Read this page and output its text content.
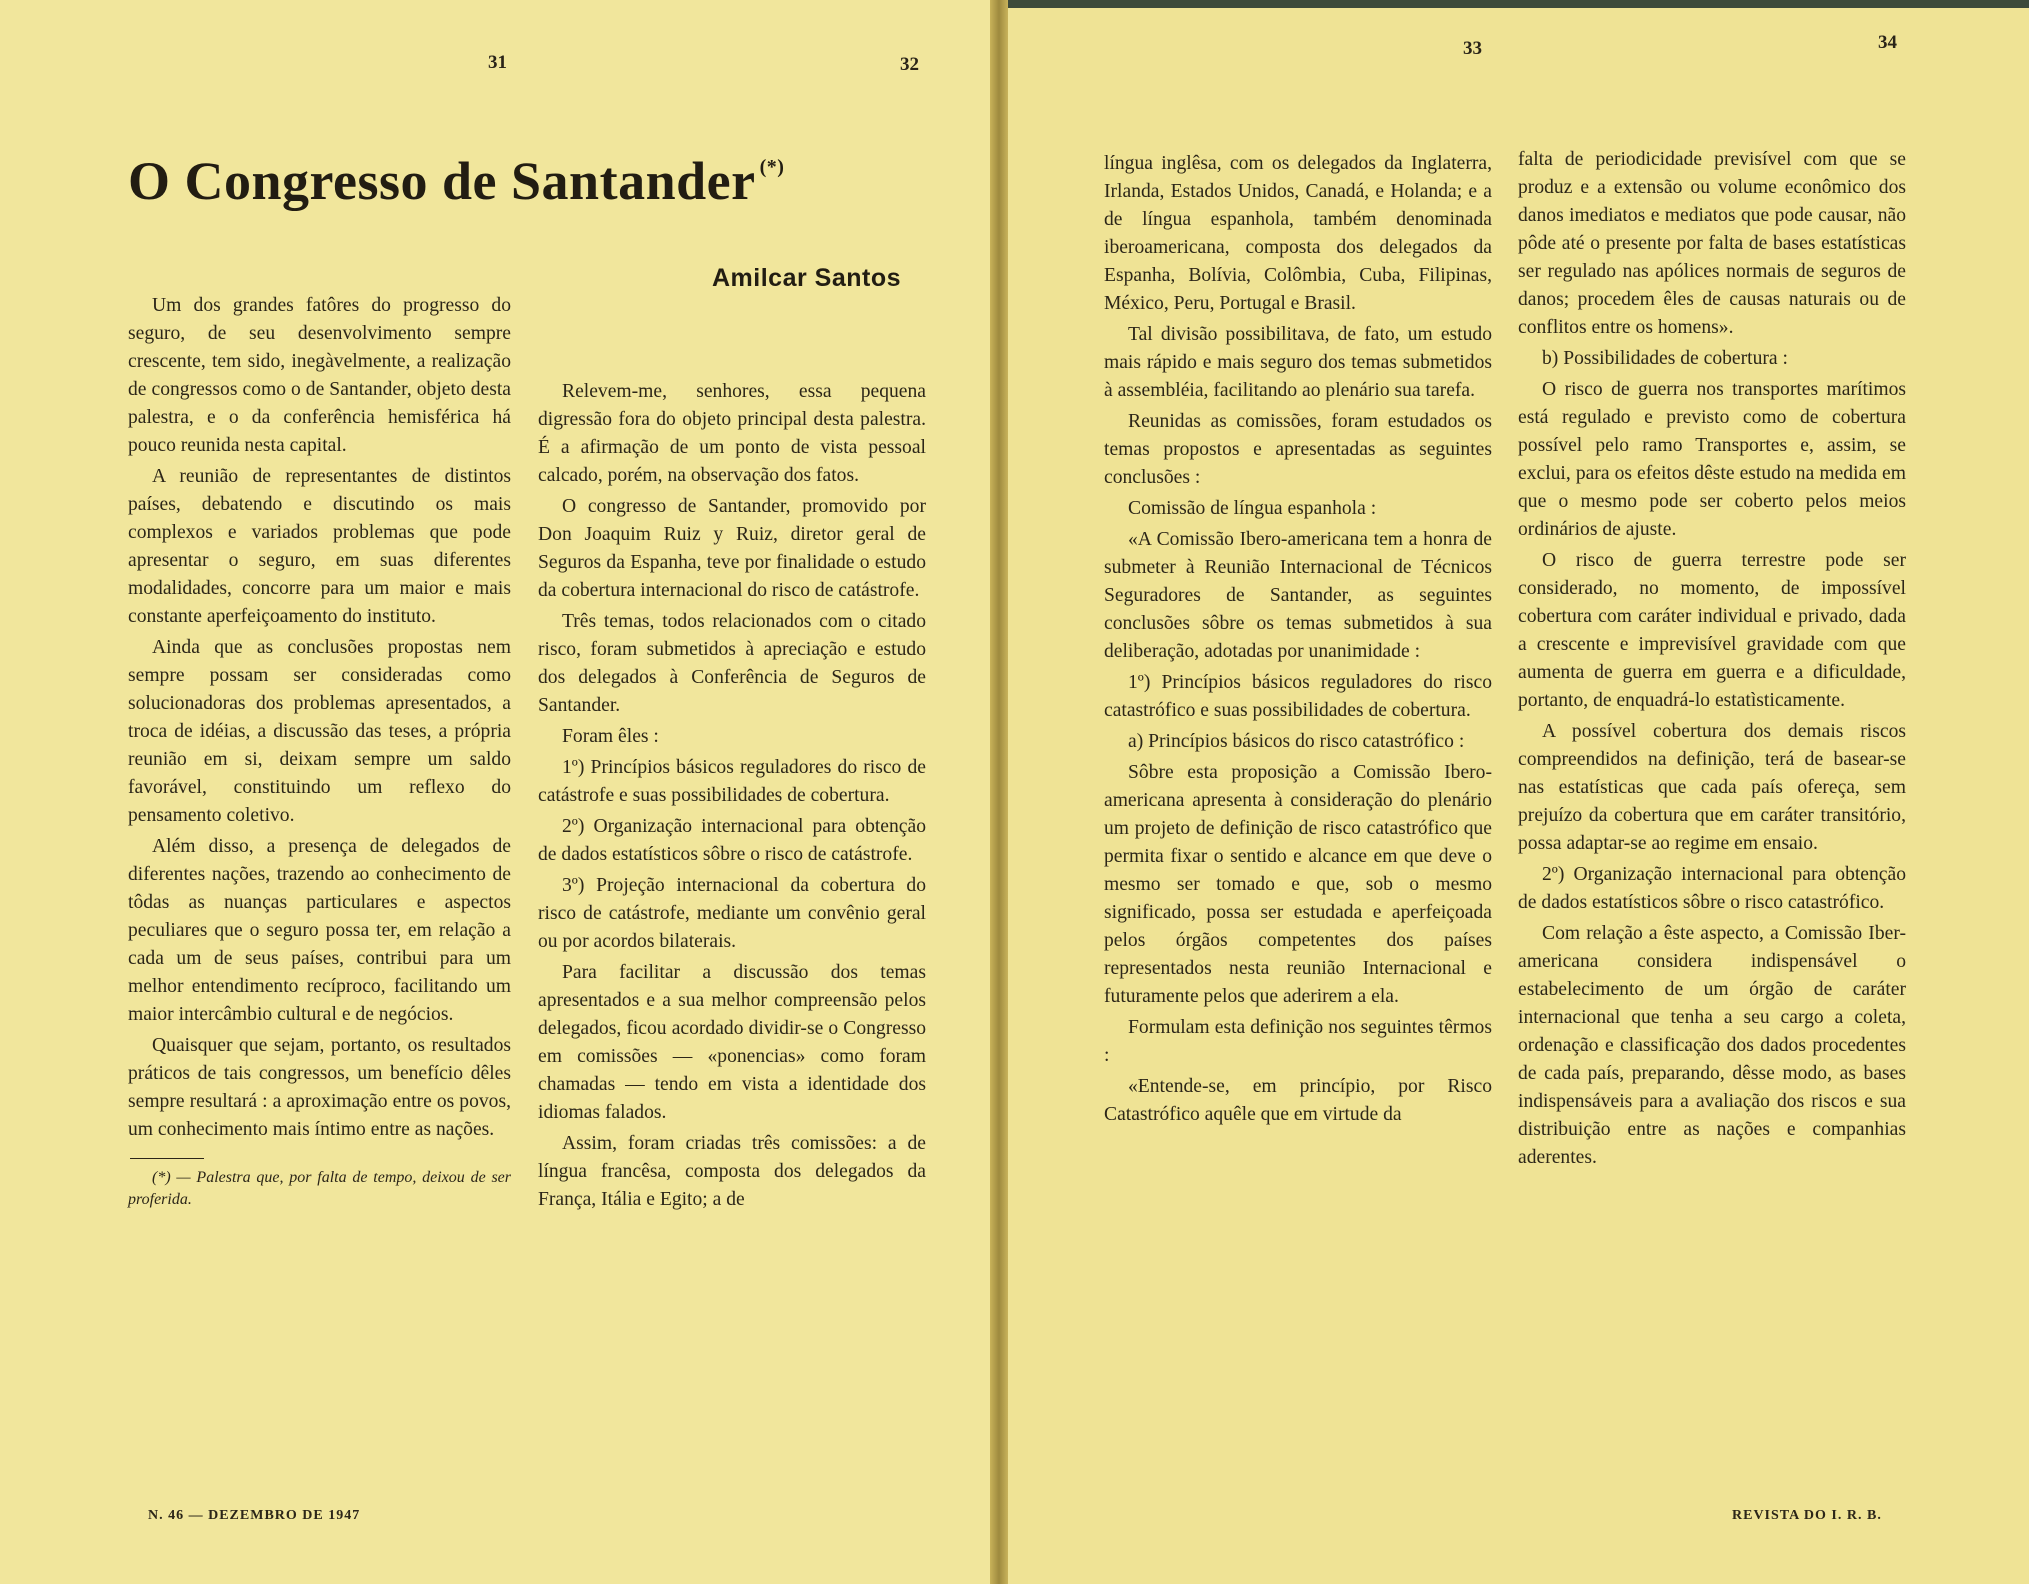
31	32
33	34
O Congresso de Santander (*)
Amilcar Santos

Um dos grandes fatôres do progresso do seguro, de seu desenvolvimento sempre crescente, tem sido, inegàvelmente, a realização de congressos como o de Santander, objeto desta palestra, e o da conferência hemisférica há pouco reunida nesta capital.

A reunião de representantes de distintos países, debatendo e discutindo os mais complexos e variados problemas que pode apresentar o seguro, em suas diferentes modalidades, concorre para um maior e mais constante aperfeiçoamento do instituto.

Ainda que as conclusões propostas nem sempre possam ser consideradas como solucionadoras dos problemas apresentados, a troca de idéias, a discussão das teses, a própria reunião em si, deixam sempre um saldo favorável, constituindo um reflexo do pensamento coletivo.

Além disso, a presença de delegados de diferentes nações, trazendo ao conhecimento de tôdas as nuanças particulares e aspectos peculiares que o seguro possa ter, em relação a cada um de seus países, contribui para um melhor entendimento recíproco, facilitando um maior intercâmbio cultural e de negócios.

Quaisquer que sejam, portanto, os resultados práticos de tais congressos, um benefício dêles sempre resultará : a aproximação entre os povos, um conhecimento mais íntimo entre as nações.

(*) — Palestra que, por falta de tempo, deixou de ser proferida.

Relevem-me, senhores, essa pequena digressão fora do objeto principal desta palestra. É a afirmação de um ponto de vista pessoal calcado, porém, na observação dos fatos.

O congresso de Santander, promovido por Don Joaquim Ruiz y Ruiz, diretor geral de Seguros da Espanha, teve por finalidade o estudo da cobertura internacional do risco de catástrofe.

Três temas, todos relacionados com o citado risco, foram submetidos à apreciação e estudo dos delegados à Conferência de Seguros de Santander.

Foram êles :

1º) Princípios básicos reguladores do risco de catástrofe e suas possibilidades de cobertura.

2º) Organização internacional para obtenção de dados estatísticos sôbre o risco de catástrofe.

3º) Projeção internacional da cobertura do risco de catástrofe, mediante um convênio geral ou por acordos bilaterais.

Para facilitar a discussão dos temas apresentados e a sua melhor compreensão pelos delegados, ficou acordado dividir-se o Congresso em comissões — «ponencias» como foram chamadas — tendo em vista a identidade dos idiomas falados.

Assim, foram criadas três comissões: a de língua francêsa, composta dos delegados da França, Itália e Egito; a de

língua inglêsa, com os delegados da Inglaterra, Irlanda, Estados Unidos, Canadá, e Holanda; e a de língua espanhola, também denominada iberoamericana, composta dos delegados da Espanha, Bolívia, Colômbia, Cuba, Filipinas, México, Peru, Portugal e Brasil.

Tal divisão possibilitava, de fato, um estudo mais rápido e mais seguro dos temas submetidos à assembléia, facilitando ao plenário sua tarefa.

Reunidas as comissões, foram estudados os temas propostos e apresentadas as seguintes conclusões :

Comissão de língua espanhola :

«A Comissão Ibero-americana tem a honra de submeter à Reunião Internacional de Técnicos Seguradores de Santander, as seguintes conclusões sôbre os temas submetidos à sua deliberação, adotadas por unanimidade :

1º) Princípios básicos reguladores do risco catastrófico e suas possibilidades de cobertura.

a) Princípios básicos do risco catastrófico :

Sôbre esta proposição a Comissão Ibero-americana apresenta à consideração do plenário um projeto de definição de risco catastrófico que permita fixar o sentido e alcance em que deve o mesmo ser tomado e que, sob o mesmo significado, possa ser estudada e aperfeiçoada pelos órgãos competentes dos países representados nesta reunião Internacional e futuramente pelos que aderirem a ela.

Formulam esta definição nos seguintes têrmos :

«Entende-se, em princípio, por Risco Catastrófico aquêle que em virtude da

falta de periodicidade previsível com que se produz e a extensão ou volume econômico dos danos imediatos e mediatos que pode causar, não pôde até o presente por falta de bases estatísticas ser regulado nas apólices normais de seguros de danos; procedem êles de causas naturais ou de conflitos entre os homens».

b) Possibilidades de cobertura :

O risco de guerra nos transportes marítimos está regulado e previsto como de cobertura possível pelo ramo Transportes e, assim, se exclui, para os efeitos dêste estudo na medida em que o mesmo pode ser coberto pelos meios ordinários de ajuste.

O risco de guerra terrestre pode ser considerado, no momento, de impossível cobertura com caráter individual e privado, dada a crescente e imprevisível gravidade com que aumenta de guerra em guerra e a dificuldade, portanto, de enquadrá-lo estatìsticamente.

A possível cobertura dos demais riscos compreendidos na definição, terá de basear-se nas estatísticas que cada país ofereça, sem prejuízo da cobertura que em caráter transitório, possa adaptar-se ao regime em ensaio.

2º) Organização internacional para obtenção de dados estatísticos sôbre o risco catastrófico.

Com relação a êste aspecto, a Comissão Iber-americana considera indispensável o estabelecimento de um órgão de caráter internacional que tenha a seu cargo a coleta, ordenação e classificação dos dados procedentes de cada país, preparando, dêsse modo, as bases indispensáveis para a avaliação dos riscos e sua distribuição entre as nações e companhias aderentes.

N. 46 — DEZEMBRO DE 1947	REVISTA DO I. R. B.
